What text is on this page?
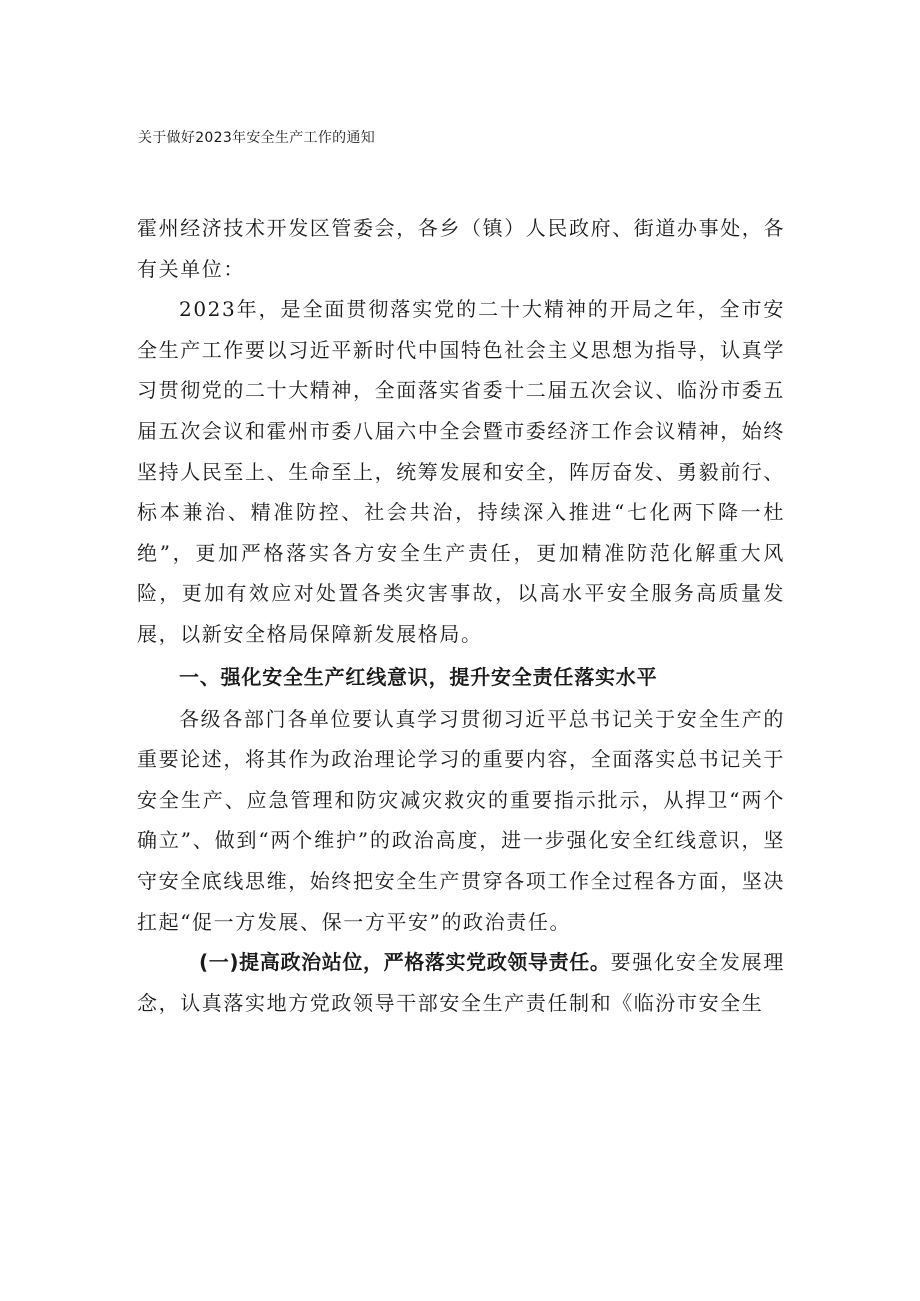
关于做好2023年安全生产工作的通知

霍州经济技术开发区管委会，各乡（镇）人民政府、街道办事处，各有关单位：

2023年，是全面贯彻落实党的二十大精神的开局之年，全市安全生产工作要以习近平新时代中国特色社会主义思想为指导，认真学习贯彻党的二十大精神，全面落实省委十二届五次会议、临汾市委五届五次会议和霍州市委八届六中全会暨市委经济工作会议精神，始终坚持人民至上、生命至上，统筹发展和安全，阵厉奋发、勇毅前行、标本兼治、精准防控、社会共治，持续深入推进“七化两下降一杜绝”，更加严格落实各方安全生产责任，更加精准防范化解重大风险，更加有效应对处置各类灾害事故，以高水平安全服务高质量发展，以新安全格局保障新发展格局。

一、强化安全生产红线意识，提升安全责任落实水平

各级各部门各单位要认真学习贯彻习近平总书记关于安全生产的重要论述，将其作为政治理论学习的重要内容，全面落实总书记关于安全生产、应急管理和防灾减灾救灾的重要指示批示，从捍卫“两个确立”、做到“两个维护”的政治高度，进一步强化安全红线意识，坚守安全底线思维，始终把安全生产贯穿各项工作全过程各方面，坚决扛起“促一方发展、保一方平安”的政治责任。

(一)提高政治站位，严格落实党政领导责任。要强化安全发展理念，认真落实地方党政领导干部安全生产责任制和《临汾市安全生
